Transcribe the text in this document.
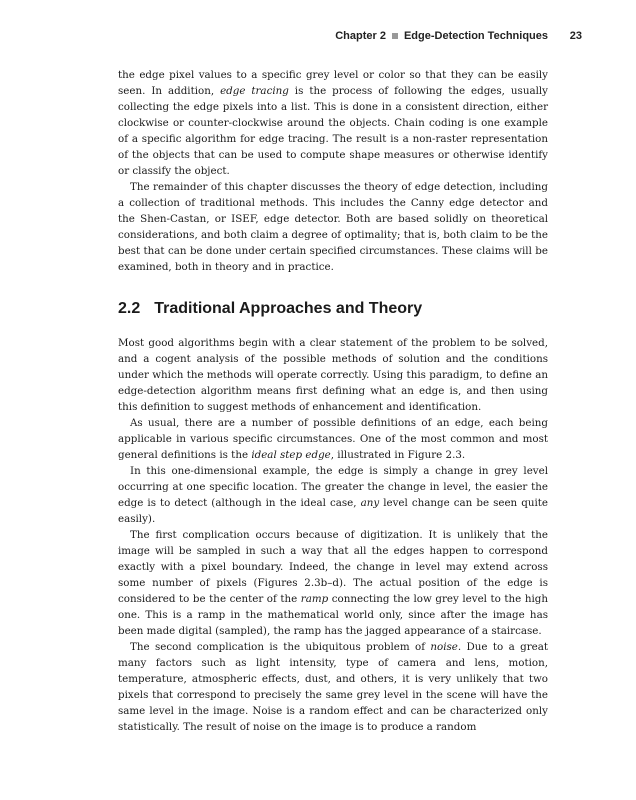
Chapter 2 Edge-Detection Techniques 23

the edge pixel values to a specific grey level or color so that they can be easily seen. In addition, edge tracing is the process of following the edges, usually collecting the edge pixels into a list. This is done in a consistent direction, either clockwise or counter-clockwise around the objects. Chain coding is one example of a specific algorithm for edge tracing. The result is a non-raster representation of the objects that can be used to compute shape measures or otherwise identify or classify the object.

The remainder of this chapter discusses the theory of edge detection, including a collection of traditional methods. This includes the Canny edge detector and the Shen-Castan, or ISEF, edge detector. Both are based solidly on theoretical considerations, and both claim a degree of optimality; that is, both claim to be the best that can be done under certain specified circumstances. These claims will be examined, both in theory and in practice.

2.2 Traditional Approaches and Theory

Most good algorithms begin with a clear statement of the problem to be solved, and a cogent analysis of the possible methods of solution and the conditions under which the methods will operate correctly. Using this paradigm, to define an edge-detection algorithm means first defining what an edge is, and then using this definition to suggest methods of enhancement and identification.

As usual, there are a number of possible definitions of an edge, each being applicable in various specific circumstances. One of the most common and most general definitions is the ideal step edge, illustrated in Figure 2.3.

In this one-dimensional example, the edge is simply a change in grey level occurring at one specific location. The greater the change in level, the easier the edge is to detect (although in the ideal case, any level change can be seen quite easily).

The first complication occurs because of digitization. It is unlikely that the image will be sampled in such a way that all the edges happen to correspond exactly with a pixel boundary. Indeed, the change in level may extend across some number of pixels (Figures 2.3b–d). The actual position of the edge is considered to be the center of the ramp connecting the low grey level to the high one. This is a ramp in the mathematical world only, since after the image has been made digital (sampled), the ramp has the jagged appearance of a staircase.

The second complication is the ubiquitous problem of noise. Due to a great many factors such as light intensity, type of camera and lens, motion, temperature, atmospheric effects, dust, and others, it is very unlikely that two pixels that correspond to precisely the same grey level in the scene will have the same level in the image. Noise is a random effect and can be characterized only statistically. The result of noise on the image is to produce a random
